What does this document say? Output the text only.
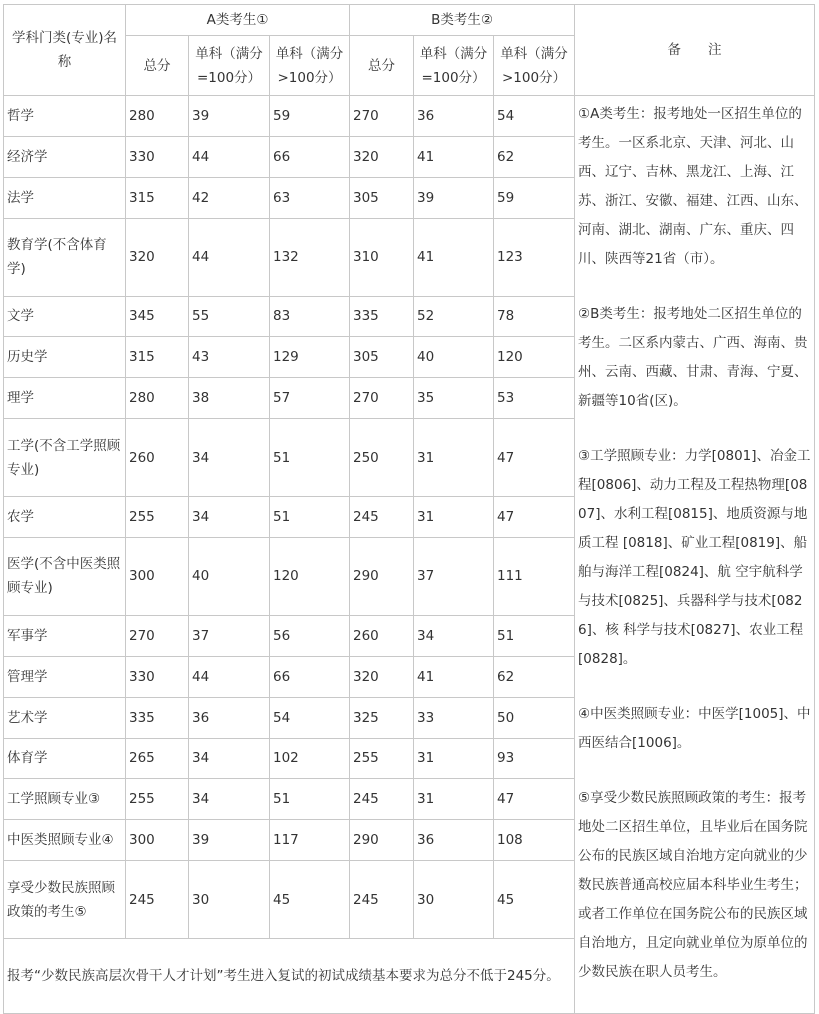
学科门类(专业)名称	A类考生①			B类考生②			备　　注
	总分	单科（满分=100分）	单科（满分>100分）	总分	单科（满分=100分）	单科（满分>100分）	
哲学	280	39	59	270	36	54	①A类考生：报考地处一区招生单位的考生。一区系北京、天津、河北、山西、辽宁、吉林、黑龙江、上海、江苏、浙江、安徽、福建、江西、山东、 河南、湖北、湖南、广东、重庆、四川、陕西等21省（市）。

②B类考生：报考地处二区招生单位的考生。二区系内蒙古、广西、海南、贵州、云南、西藏、甘肃、青海、宁夏、新疆等10省(区)。

③工学照顾专业：力学[0801]、冶金工程[0806]、动力工程及工程热物理[0807]、水利工程[0815]、地质资源与地质工程 [0818]、矿业工程[0819]、船舶与海洋工程[0824]、航 空宇航科学与技术[0825]、兵器科学与技术[0826]、核 科学与技术[0827]、农业工程[0828]。

④中医类照顾专业：中医学[1005]、中西医结合[1006]。

⑤享受少数民族照顾政策的考生：报考地处二区招生单位，且毕业后在国务院公布的民族区域自治地方定向就业的少数民族普通高校应届本科毕业生考生；或者工作单位在国务院公布的民族区域自治地方，且定向就业单位为原单位的少数民族在职人员考生。

经济学	330	44	66	320	41	62	
法学	315	42	63	305	39	59	
教育学(不含体育学)	320	44	132	310	41	123	
文学	345	55	83	335	52	78	
历史学	315	43	129	305	40	120	
理学	280	38	57	270	35	53	
工学(不含工学照顾专业)	260	34	51	250	31	47	
农学	255	34	51	245	31	47	
医学(不含中医类照顾专业)	300	40	120	290	37	111	
军事学	270	37	56	260	34	51	
管理学	330	44	66	320	41	62	
艺术学	335	36	54	325	33	50	
体育学	265	34	102	255	31	93	
工学照顾专业③	255	34	51	245	31	47	
中医类照顾专业④	300	39	117	290	36	108	
享受少数民族照顾政策的考生⑤	245	30	45	245	30	45	
报考“少数民族高层次骨干人才计划”考生进入复试的初试成绩基本要求为总分不低于245分。							
